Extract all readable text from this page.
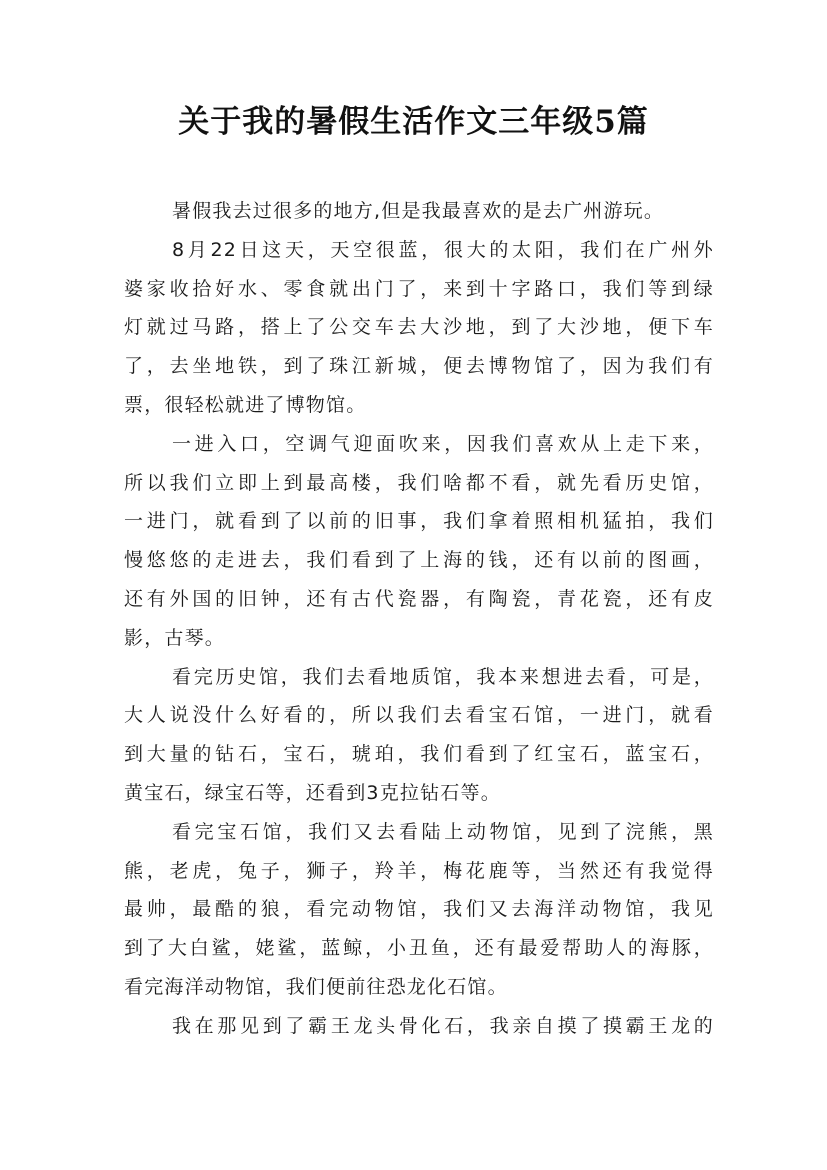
关于我的暑假生活作文三年级5篇
暑假我去过很多的地方,但是我最喜欢的是去广州游玩。
8月22日这天，天空很蓝，很大的太阳，我们在广州外
婆家收拾好水、零食就出门了，来到十字路口，我们等到绿
灯就过马路，搭上了公交车去大沙地，到了大沙地，便下车
了，去坐地铁，到了珠江新城，便去博物馆了，因为我们有
票，很轻松就进了博物馆。
一进入口，空调气迎面吹来，因我们喜欢从上走下来，
所以我们立即上到最高楼，我们啥都不看，就先看历史馆，
一进门，就看到了以前的旧事，我们拿着照相机猛拍，我们
慢悠悠的走进去，我们看到了上海的钱，还有以前的图画，
还有外国的旧钟，还有古代瓷器，有陶瓷，青花瓷，还有皮
影，古琴。
看完历史馆，我们去看地质馆，我本来想进去看，可是，
大人说没什么好看的，所以我们去看宝石馆，一进门，就看
到大量的钻石，宝石，琥珀，我们看到了红宝石，蓝宝石，
黄宝石，绿宝石等，还看到3克拉钻石等。
看完宝石馆，我们又去看陆上动物馆，见到了浣熊，黑
熊，老虎，兔子，狮子，羚羊，梅花鹿等，当然还有我觉得
最帅，最酷的狼，看完动物馆，我们又去海洋动物馆，我见
到了大白鲨，姥鲨，蓝鲸，小丑鱼，还有最爱帮助人的海豚，
看完海洋动物馆，我们便前往恐龙化石馆。
我在那见到了霸王龙头骨化石，我亲自摸了摸霸王龙的
